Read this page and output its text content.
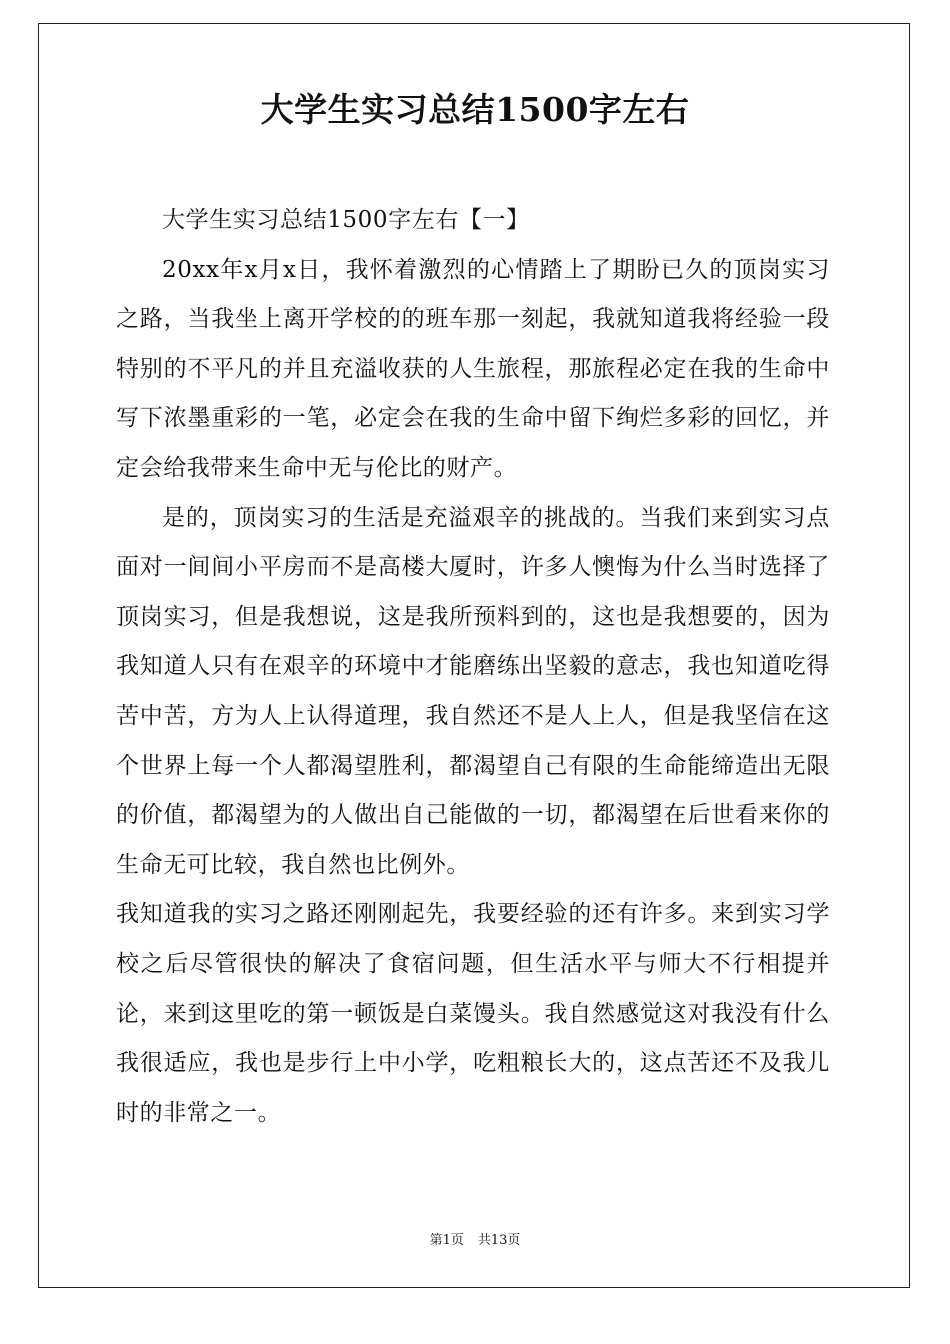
大学生实习总结1500字左右

大学生实习总结1500字左右【一】

20xx年x月x日，我怀着激烈的心情踏上了期盼已久的顶岗实习之路，当我坐上离开学校的的班车那一刻起，我就知道我将经验一段特别的不平凡的并且充溢收获的人生旅程，那旅程必定在我的生命中写下浓墨重彩的一笔，必定会在我的生命中留下绚烂多彩的回忆，并定会给我带来生命中无与伦比的财产。

是的，顶岗实习的生活是充溢艰辛的挑战的。当我们来到实习点面对一间间小平房而不是高楼大厦时，许多人懊悔为什么当时选择了顶岗实习，但是我想说，这是我所预料到的，这也是我想要的，因为我知道人只有在艰辛的环境中才能磨练出坚毅的意志，我也知道吃得苦中苦，方为人上认得道理，我自然还不是人上人，但是我坚信在这个世界上每一个人都渴望胜利，都渴望自己有限的生命能缔造出无限的价值，都渴望为的人做出自己能做的一切，都渴望在后世看来你的生命无可比较，我自然也比例外。

我知道我的实习之路还刚刚起先，我要经验的还有许多。来到实习学校之后尽管很快的解决了食宿问题，但生活水平与师大不行相提并论，来到这里吃的第一顿饭是白菜馒头。我自然感觉这对我没有什么我很适应，我也是步行上中小学，吃粗粮长大的，这点苦还不及我儿时的非常之一。

第1页 共13页
